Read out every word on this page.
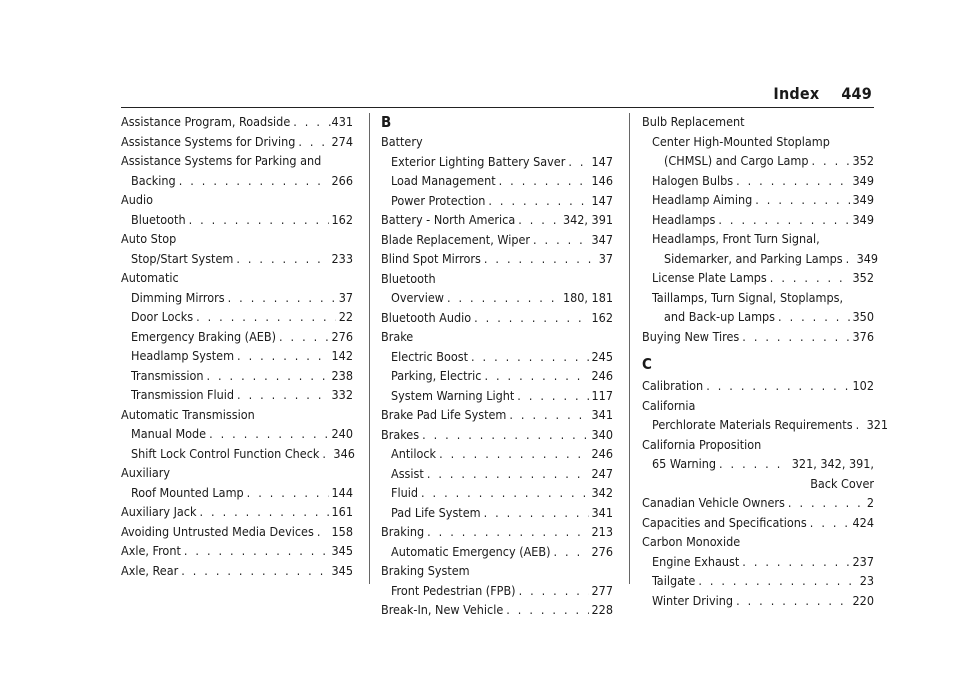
Index 449
Assistance Program, Roadside . . .	.431
Assistance Systems for Driving . . .	274
Assistance Systems for Parking and
Backing . . .	266
Audio
Bluetooth . . .	162
Auto Stop
Stop/Start System . . .	233
Automatic
Dimming Mirrors . . .	37
Door Locks . . .	22
Emergency Braking (AEB) . . .	276
Headlamp System . . .	142
Transmission . . .	238
Transmission Fluid . . .	332
Automatic Transmission
Manual Mode . . .	240
Shift Lock Control Function Check . . . 346
Auxiliary
Roof Mounted Lamp . . .	144
Auxiliary Jack . . .	161
Avoiding Untrusted Media Devices . . . 158
Axle, Front . . .	345
Axle, Rear . . .	345
B
Battery
Exterior Lighting Battery Saver . . . 147
Load Management . . .	146
Power Protection . . .	147
Battery - North America . . .	342, 391
Blade Replacement, Wiper . . .	347
Blind Spot Mirrors . . .	37
Bluetooth
Overview . . .	180, 181
Bluetooth Audio . . .	162
Brake
Electric Boost . . .	245
Parking, Electric . . .	246
System Warning Light . . .	117
Brake Pad Life System . . .	341
Brakes . . .	340
Antilock . . .	246
Assist . . .	247
Fluid . . .	342
Pad Life System . . .	341
Braking . . .	213
Automatic Emergency (AEB) . . .	276
Braking System
Front Pedestrian (FPB) . . .	277
Break-In, New Vehicle . . .	228
Bulb Replacement
Center High-Mounted Stoplamp
(CHMSL) and Cargo Lamp . . .	352
Halogen Bulbs . . .	349
Headlamp Aiming . . .	349
Headlamps . . .	349
Headlamps, Front Turn Signal,
Sidemarker, and Parking Lamps . . . 349
License Plate Lamps . . .	352
Taillamps, Turn Signal, Stoplamps,
and Back-up Lamps . . .	350
Buying New Tires . . .	376
C
Calibration . . .	102
California
Perchlorate Materials Requirements . . . 321
California Proposition
65 Warning . . .	321, 342, 391,
Back Cover
Canadian Vehicle Owners . . .	2
Capacities and Specifications . . .	424
Carbon Monoxide
Engine Exhaust . . .	237
Tailgate . . .	23
Winter Driving . . .	220
